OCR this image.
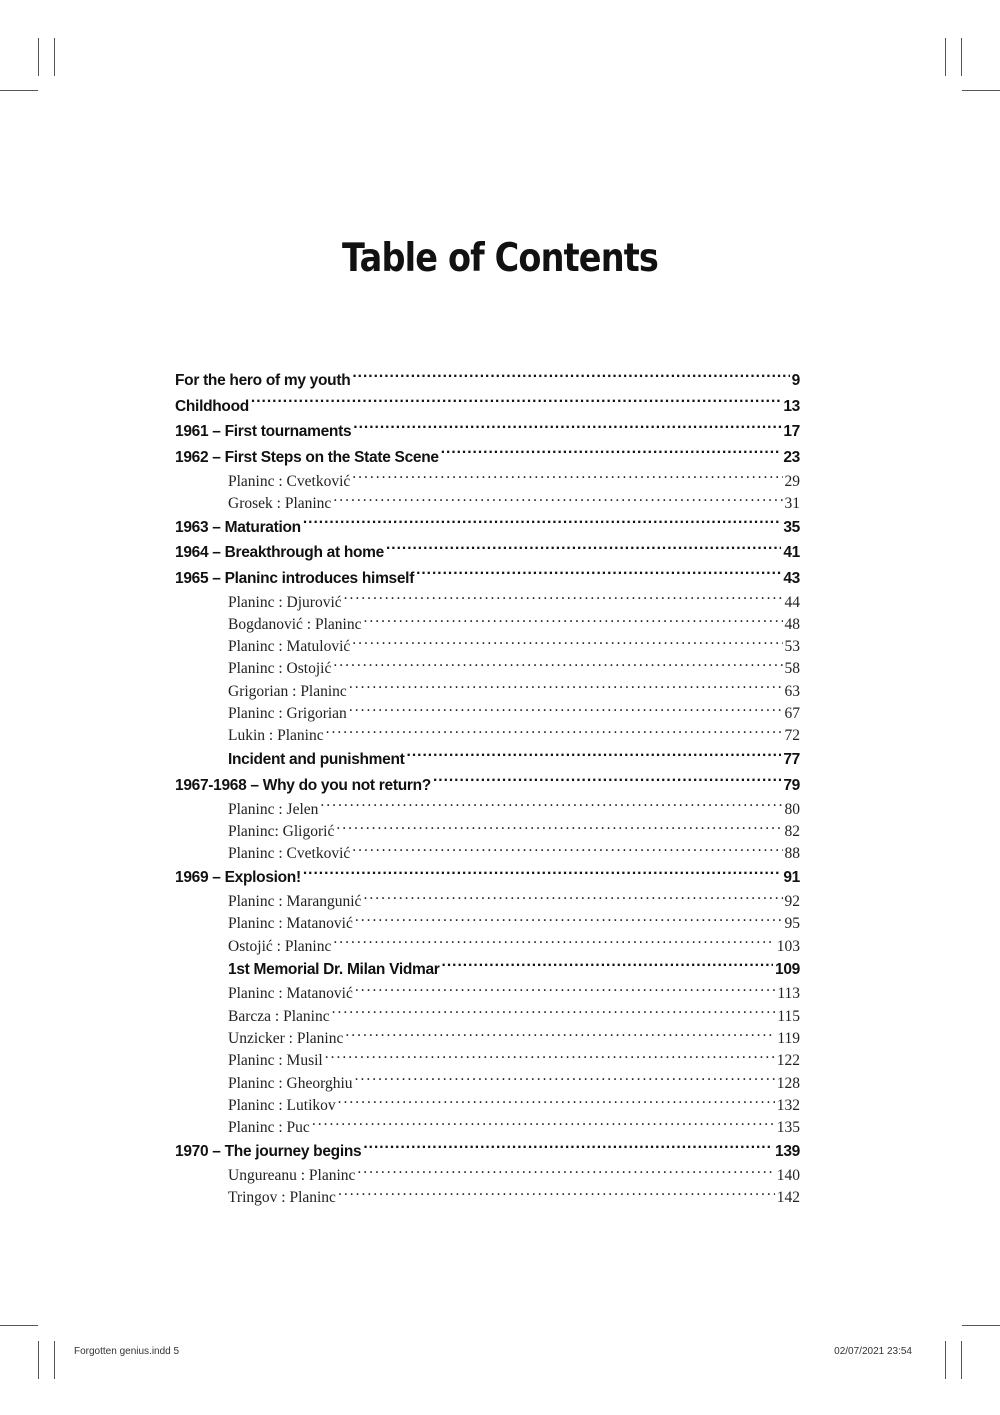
Table of Contents
For the hero of my youth .....	9
Childhood .....	13
1961 – First tournaments .....	17
1962 – First Steps on the State Scene .....	23
Planinc : Cvetković .....	29
Grosek : Planinc .....	31
1963 – Maturation .....	35
1964 – Breakthrough at home .....	41
1965 – Planinc introduces himself .....	43
Planinc : Djurović .....	44
Bogdanović : Planinc .....	48
Planinc : Matulović .....	53
Planinc : Ostojić .....	58
Grigorian : Planinc .....	63
Planinc : Grigorian .....	67
Lukin : Planinc .....	72
Incident and punishment .....	77
1967-1968 – Why do you not return? .....	79
Planinc : Jelen .....	80
Planinc: Gligorić .....	82
Planinc : Cvetković .....	88
1969 – Explosion! .....	91
Planinc : Marangunić .....	92
Planinc : Matanović .....	95
Ostojić : Planinc .....	103
1st Memorial Dr. Milan Vidmar .....	109
Planinc : Matanović .....	113
Barcza : Planinc .....	115
Unzicker : Planinc .....	119
Planinc : Musil .....	122
Planinc : Gheorghiu .....	128
Planinc : Lutikov .....	132
Planinc : Puc .....	135
1970 – The journey begins .....	139
Ungureanu : Planinc .....	140
Tringov : Planinc .....	142
Forgotten genius.indd 5	02/07/2021 23:54
